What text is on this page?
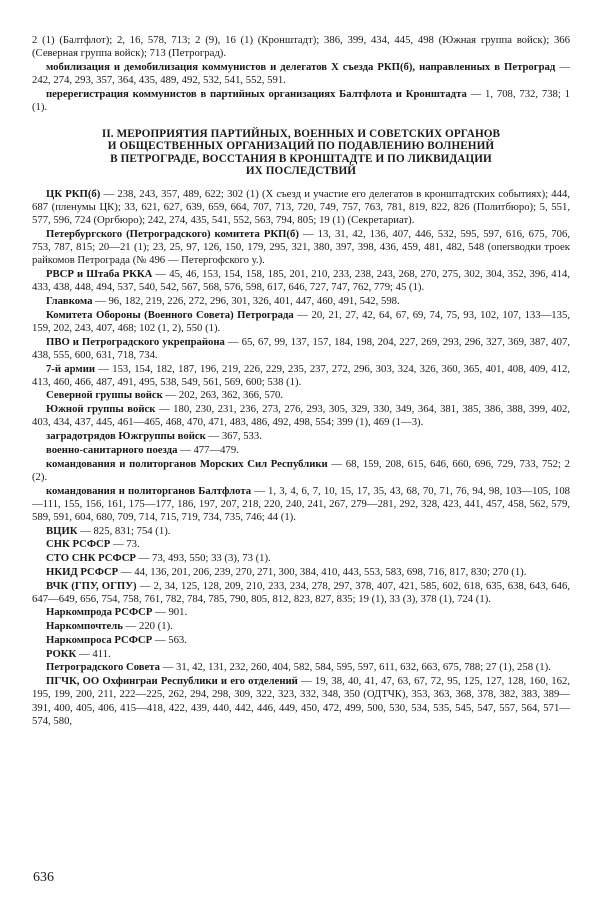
2 (1) (Балтфлот); 2, 16, 578, 713; 2 (9), 16 (1) (Кронштадт); 386, 399, 434, 445, 498 (Южная группа войск); 366 (Северная группа войск); 713 (Петроград).

мобилизация и демобилизация коммунистов и делегатов X съезда РКП(б), направленных в Петроград — 242, 274, 293, 357, 364, 435, 489, 492, 532, 541, 552, 591.

перерегистрация коммунистов в партийных организациях Балтфлота и Кронштадта — 1, 708, 732, 738; 1 (1).

II. МЕРОПРИЯТИЯ ПАРТИЙНЫХ, ВОЕННЫХ И СОВЕТСКИХ ОРГАНОВ
И ОБЩЕСТВЕННЫХ ОРГАНИЗАЦИЙ ПО ПОДАВЛЕНИЮ ВОЛНЕНИЙ
В ПЕТРОГРАДЕ, ВОССТАНИЯ В КРОНШТАДТЕ И ПО ЛИКВИДАЦИИ
ИХ ПОСЛЕДСТВИЙ

ЦК РКП(б) — 238, 243, 357, 489, 622; 302 (1) (X съезд и участие его делегатов в кронштадтских событиях); 444, 687 (пленумы ЦК); 33, 621, 627, 639, 659, 664, 707, 713, 720, 749, 757, 763, 781, 819, 822, 826 (Политбюро); 5, 551, 577, 596, 724 (Оргбюро); 242, 274, 435, 541, 552, 563, 794, 805; 19 (1) (Секретариат).

Петербургского (Петроградского) комитета РКП(б) — 13, 31, 42, 136, 407, 446, 532, 595, 597, 616, 675, 706, 753, 787, 815; 20—21 (1); 23, 25, 97, 126, 150, 179, 295, 321, 380, 397, 398, 436, 459, 481, 482, 548 (опersводки троек райкомов Петрограда (№ 496 — Петергофского у.).

РВСР и Штаба РККА — 45, 46, 153, 154, 158, 185, 201, 210, 233, 238, 243, 268, 270, 275, 302, 304, 352, 396, 414, 433, 438, 448, 494, 537, 540, 542, 567, 568, 576, 598, 617, 646, 727, 747, 762, 779; 45 (1).

Главкома — 96, 182, 219, 226, 272, 296, 301, 326, 401, 447, 460, 491, 542, 598.

Комитета Обороны (Военного Совета) Петрограда — 20, 21, 27, 42, 64, 67, 69, 74, 75, 93, 102, 107, 133—135, 159, 202, 243, 407, 468; 102 (1, 2), 550 (1).

ПВО и Петроградского укрепрайона — 65, 67, 99, 137, 157, 184, 198, 204, 227, 269, 293, 296, 327, 369, 387, 407, 438, 555, 600, 631, 718, 734.

7-й армии — 153, 154, 182, 187, 196, 219, 226, 229, 235, 237, 272, 296, 303, 324, 326, 360, 365, 401, 408, 409, 412, 413, 460, 466, 487, 491, 495, 538, 549, 561, 569, 600; 538 (1).

Северной группы войск — 202, 263, 362, 366, 570.

Южной группы войск — 180, 230, 231, 236, 273, 276, 293, 305, 329, 330, 349, 364, 381, 385, 386, 388, 399, 402, 403, 434, 437, 445, 461—465, 468, 470, 471, 483, 486, 492, 498, 554; 399 (1), 469 (1—3).

заградотрядов Южгруппы войск — 367, 533.

военно-санитарного поезда — 477—479.

командования и политорганов Морских Сил Республики — 68, 159, 208, 615, 646, 660, 696, 729, 733, 752; 2 (2).

командования и политорганов Балтфлота — 1, 3, 4, 6, 7, 10, 15, 17, 35, 43, 68, 70, 71, 76, 94, 98, 103—105, 108—111, 155, 156, 161, 175—177, 186, 197, 207, 218, 220, 240, 241, 267, 279—281, 292, 328, 423, 441, 457, 458, 562, 579, 589, 591, 604, 680, 709, 714, 715, 719, 734, 735, 746; 44 (1).

ВЦИК — 825, 831; 754 (1).

СНК РСФСР — 73.

СТО СНК РСФСР — 73, 493, 550; 33 (3), 73 (1).

НКИД РСФСР — 44, 136, 201, 206, 239, 270, 271, 300, 384, 410, 443, 553, 583, 698, 716, 817, 830; 270 (1).

ВЧК (ГПУ, ОГПУ) — 2, 34, 125, 128, 209, 210, 233, 234, 278, 297, 378, 407, 421, 585, 602, 618, 635, 638, 643, 646, 647—649, 656, 754, 758, 761, 782, 784, 785, 790, 805, 812, 823, 827, 835; 19 (1), 33 (3), 378 (1), 724 (1).

Наркомпрода РСФСР — 901.

Наркомпочтель — 220 (1).

Наркомпроса РСФСР — 563.

РОКК — 411.

Петроградского Совета — 31, 42, 131, 232, 260, 404, 582, 584, 595, 597, 611, 632, 663, 675, 788; 27 (1), 258 (1).

ПГЧК, ОО Охфинграи Республики и его отделений — 19, 38, 40, 41, 47, 63, 67, 72, 95, 125, 127, 128, 160, 162, 195, 199, 200, 211, 222—225, 262, 294, 298, 309, 322, 323, 332, 348, 350 (ОДТЧК), 353, 363, 368, 378, 382, 383, 389—391, 400, 405, 406, 415—418, 422, 439, 440, 442, 446, 449, 450, 472, 499, 500, 530, 534, 535, 545, 547, 557, 564, 571—574, 580,

636
